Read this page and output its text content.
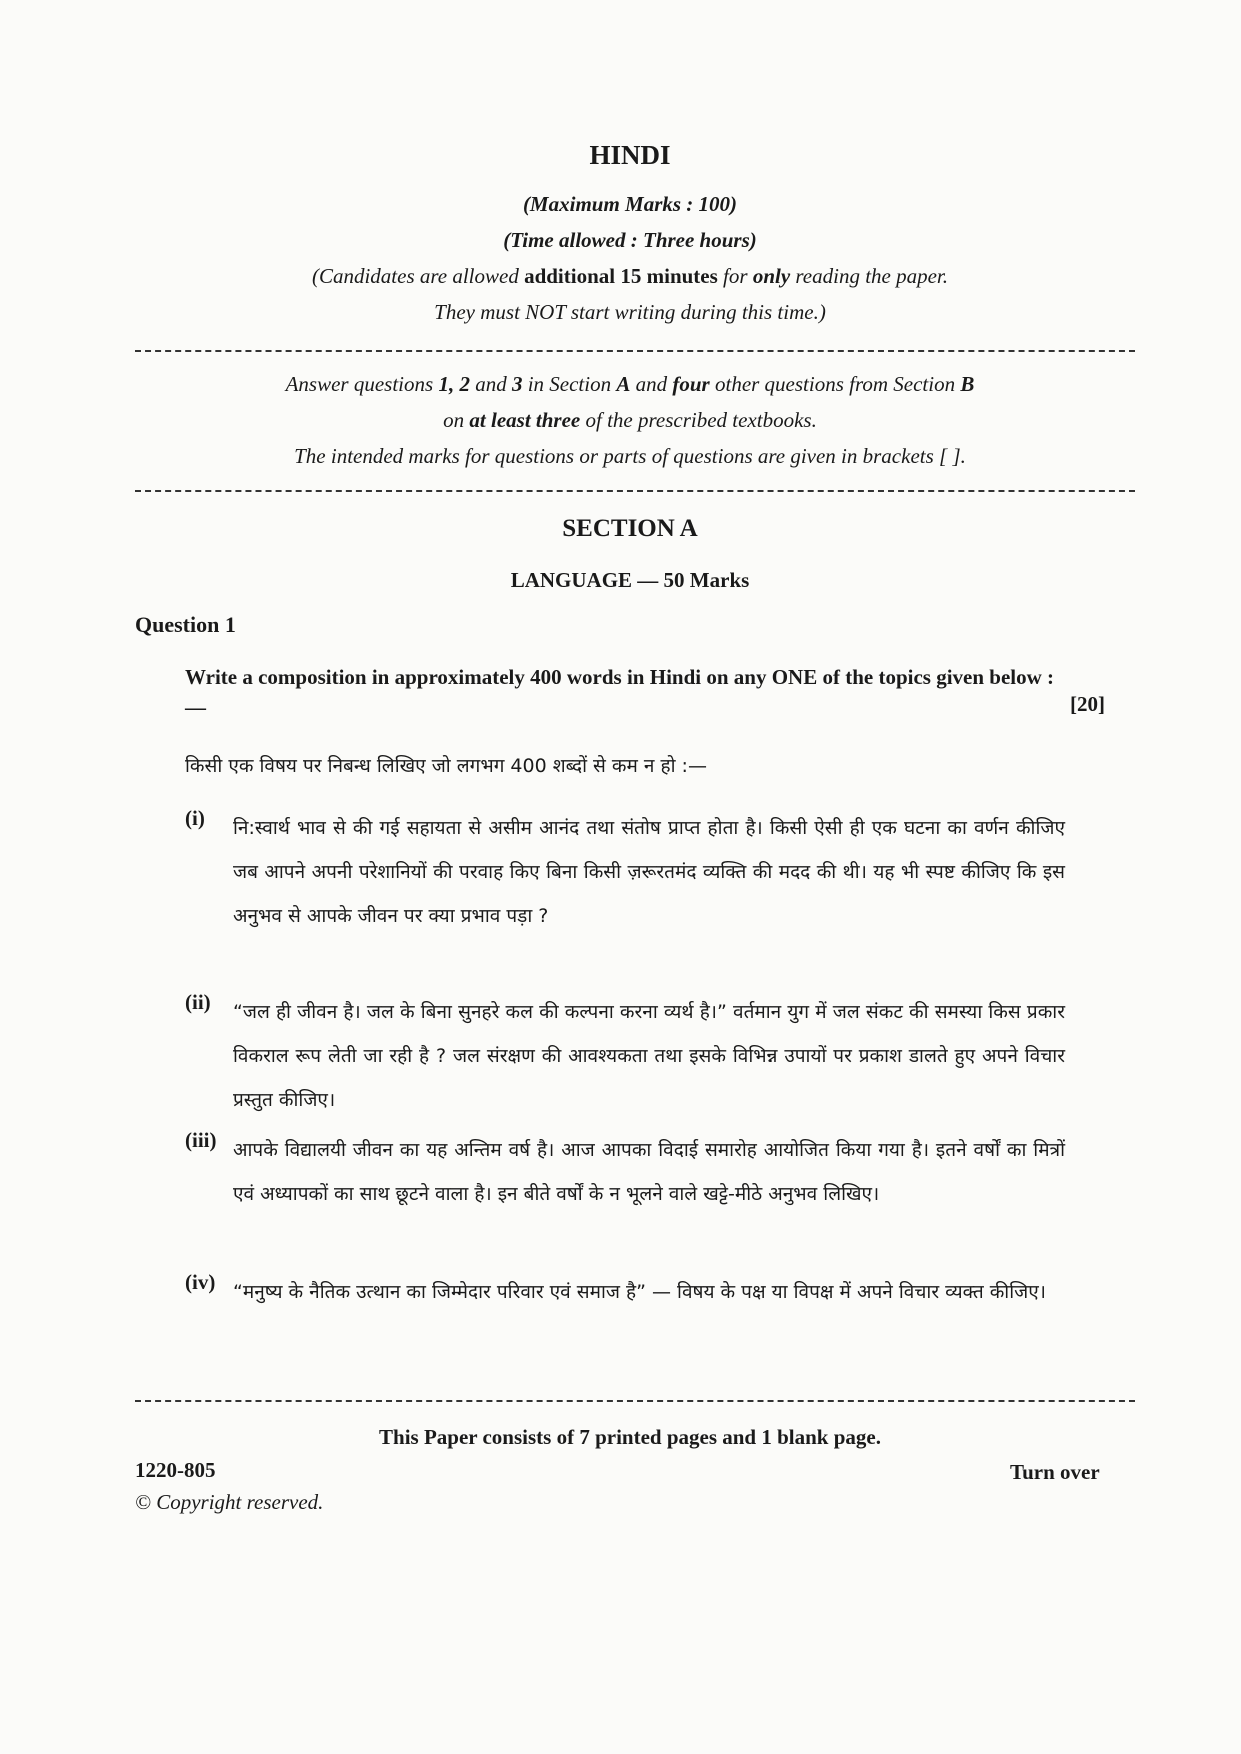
HINDI
(Maximum Marks : 100)
(Time allowed : Three hours)
(Candidates are allowed additional 15 minutes for only reading the paper.
They must NOT start writing during this time.)
Answer questions 1, 2 and 3 in Section A and four other questions from Section B
on at least three of the prescribed textbooks.
The intended marks for questions or parts of questions are given in brackets [ ].
SECTION A
LANGUAGE — 50 Marks
Question 1
Write a composition in approximately 400 words in Hindi on any ONE of the topics given below :—	[20]
किसी एक विषय पर निबन्ध लिखिए जो लगभग 400 शब्दों से कम न हो :—
(i) नि:स्वार्थ भाव से की गई सहायता से असीम आनंद तथा संतोष प्राप्त होता है। किसी ऐसी ही एक घटना का वर्णन कीजिए जब आपने अपनी परेशानियों की परवाह किए बिना किसी ज़रूरतमंद व्यक्ति की मदद की थी। यह भी स्पष्ट कीजिए कि इस अनुभव से आपके जीवन पर क्या प्रभाव पड़ा ?
(ii) “जल ही जीवन है। जल के बिना सुनहरे कल की कल्पना करना व्यर्थ है।” वर्तमान युग में जल संकट की समस्या किस प्रकार विकराल रूप लेती जा रही है ? जल संरक्षण की आवश्यकता तथा इसके विभिन्न उपायों पर प्रकाश डालते हुए अपने विचार प्रस्तुत कीजिए।
(iii) आपके विद्यालयी जीवन का यह अन्तिम वर्ष है। आज आपका विदाई समारोह आयोजित किया गया है। इतने वर्षों का मित्रों एवं अध्यापकों का साथ छूटने वाला है। इन बीते वर्षों के न भूलने वाले खट्टे-मीठे अनुभव लिखिए।
(iv) “मनुष्य के नैतिक उत्थान का जिम्मेदार परिवार एवं समाज है” — विषय के पक्ष या विपक्ष में अपने विचार व्यक्त कीजिए।
This Paper consists of 7 printed pages and 1 blank page.
1220-805
© Copyright reserved.
Turn over
